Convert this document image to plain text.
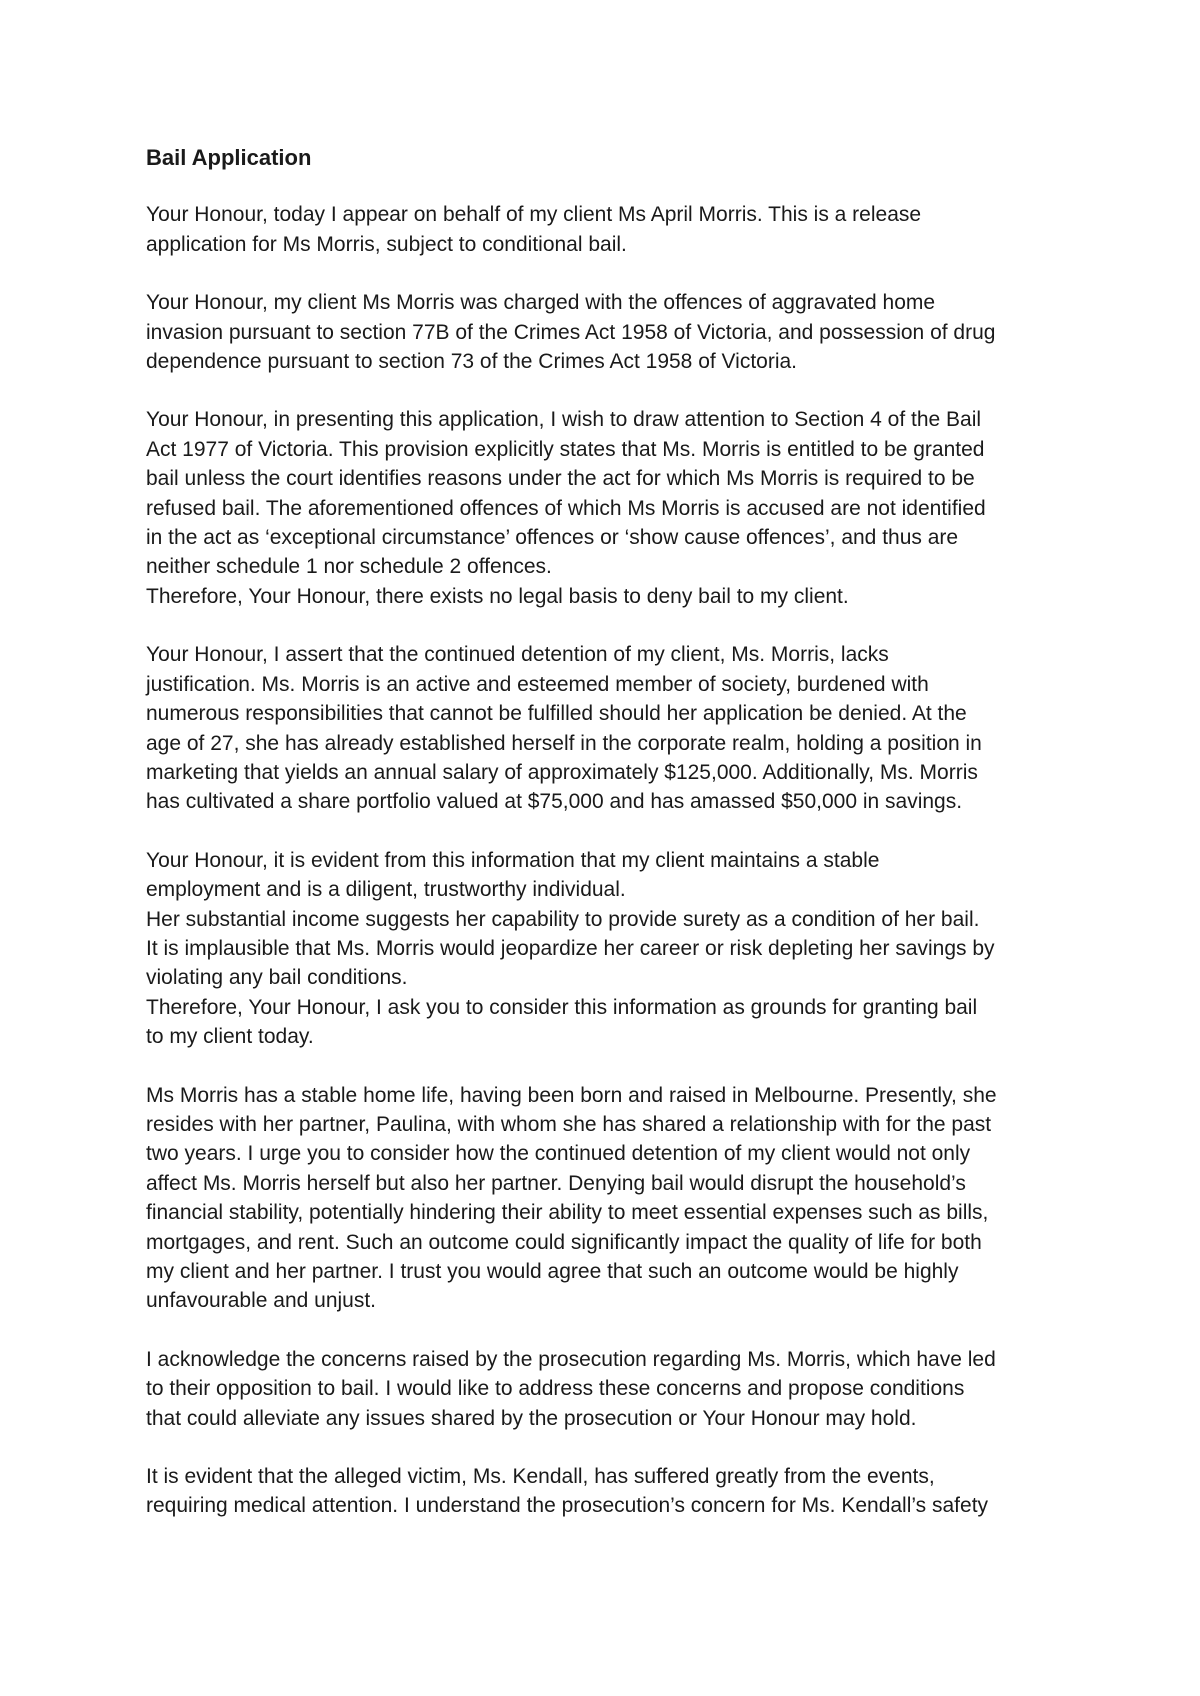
Bail Application
Your Honour, today I appear on behalf of my client Ms April Morris. This is a release
application for Ms Morris, subject to conditional bail.
Your Honour, my client Ms Morris was charged with the offences of aggravated home
invasion pursuant to section 77B of the Crimes Act 1958 of Victoria, and possession of drug
dependence pursuant to section 73 of the Crimes Act 1958 of Victoria.
Your Honour, in presenting this application, I wish to draw attention to Section 4 of the Bail
Act 1977 of Victoria. This provision explicitly states that Ms. Morris is entitled to be granted
bail unless the court identifies reasons under the act for which Ms Morris is required to be
refused bail. The aforementioned offences of which Ms Morris is accused are not identified
in the act as ‘exceptional circumstance’ offences or ‘show cause offences’, and thus are
neither schedule 1 nor schedule 2 offences.
Therefore, Your Honour, there exists no legal basis to deny bail to my client.
Your Honour, I assert that the continued detention of my client, Ms. Morris, lacks
justification. Ms. Morris is an active and esteemed member of society, burdened with
numerous responsibilities that cannot be fulfilled should her application be denied. At the
age of 27, she has already established herself in the corporate realm, holding a position in
marketing that yields an annual salary of approximately $125,000. Additionally, Ms. Morris
has cultivated a share portfolio valued at $75,000 and has amassed $50,000 in savings.
Your Honour, it is evident from this information that my client maintains a stable
employment and is a diligent, trustworthy individual.
Her substantial income suggests her capability to provide surety as a condition of her bail.
It is implausible that Ms. Morris would jeopardize her career or risk depleting her savings by
violating any bail conditions.
Therefore, Your Honour, I ask you to consider this information as grounds for granting bail
to my client today.
Ms Morris has a stable home life, having been born and raised in Melbourne. Presently, she
resides with her partner, Paulina, with whom she has shared a relationship with for the past
two years. I urge you to consider how the continued detention of my client would not only
affect Ms. Morris herself but also her partner. Denying bail would disrupt the household’s
financial stability, potentially hindering their ability to meet essential expenses such as bills,
mortgages, and rent. Such an outcome could significantly impact the quality of life for both
my client and her partner. I trust you would agree that such an outcome would be highly
unfavourable and unjust.
I acknowledge the concerns raised by the prosecution regarding Ms. Morris, which have led
to their opposition to bail. I would like to address these concerns and propose conditions
that could alleviate any issues shared by the prosecution or Your Honour may hold.
It is evident that the alleged victim, Ms. Kendall, has suffered greatly from the events,
requiring medical attention. I understand the prosecution’s concern for Ms. Kendall’s safety
